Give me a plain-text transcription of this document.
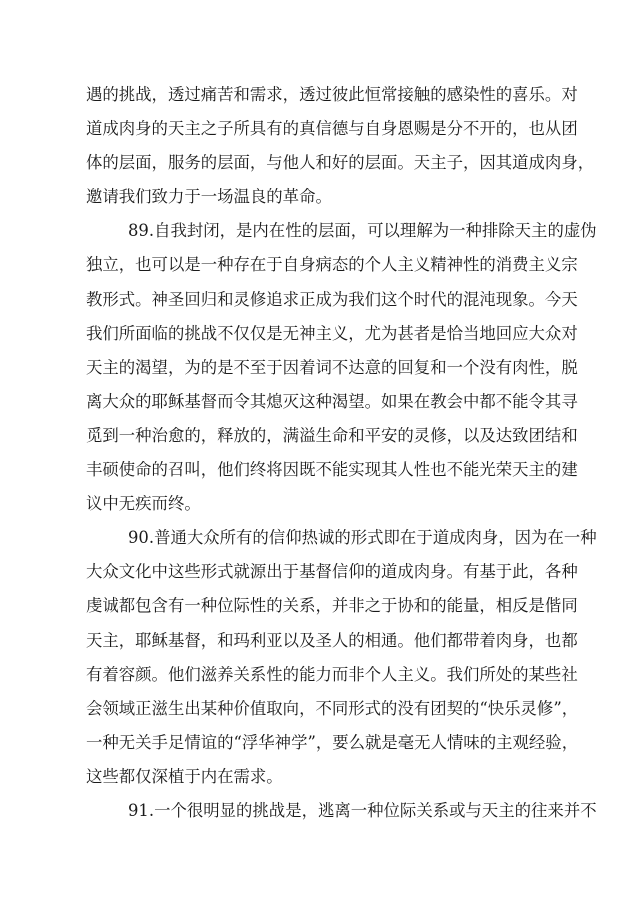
遇的挑战，透过痛苦和需求，透过彼此恒常接触的感染性的喜乐。对
道成肉身的天主之子所具有的真信德与自身恩赐是分不开的，也从团
体的层面，服务的层面，与他人和好的层面。天主子，因其道成肉身，
邀请我们致力于一场温良的革命。
89.自我封闭，是内在性的层面，可以理解为一种排除天主的虚伪
独立，也可以是一种存在于自身病态的个人主义精神性的消费主义宗
教形式。神圣回归和灵修追求正成为我们这个时代的混沌现象。今天
我们所面临的挑战不仅仅是无神主义，尤为甚者是恰当地回应大众对
天主的渴望，为的是不至于因着词不达意的回复和一个没有肉性，脱
离大众的耶稣基督而令其熄灭这种渴望。如果在教会中都不能令其寻
觅到一种治愈的，释放的，满溢生命和平安的灵修，以及达致团结和
丰硕使命的召叫，他们终将因既不能实现其人性也不能光荣天主的建
议中无疾而终。
90.普通大众所有的信仰热诚的形式即在于道成肉身，因为在一种
大众文化中这些形式就源出于基督信仰的道成肉身。有基于此，各种
虔诚都包含有一种位际性的关系，并非之于协和的能量，相反是偕同
天主，耶稣基督，和玛利亚以及圣人的相通。他们都带着肉身，也都
有着容颜。他们滋养关系性的能力而非个人主义。我们所处的某些社
会领域正滋生出某种价值取向，不同形式的没有团契的“快乐灵修”，
一种无关手足情谊的“浮华神学”，要么就是毫无人情味的主观经验，
这些都仅深植于内在需求。
91.一个很明显的挑战是，逃离一种位际关系或与天主的往来并不
